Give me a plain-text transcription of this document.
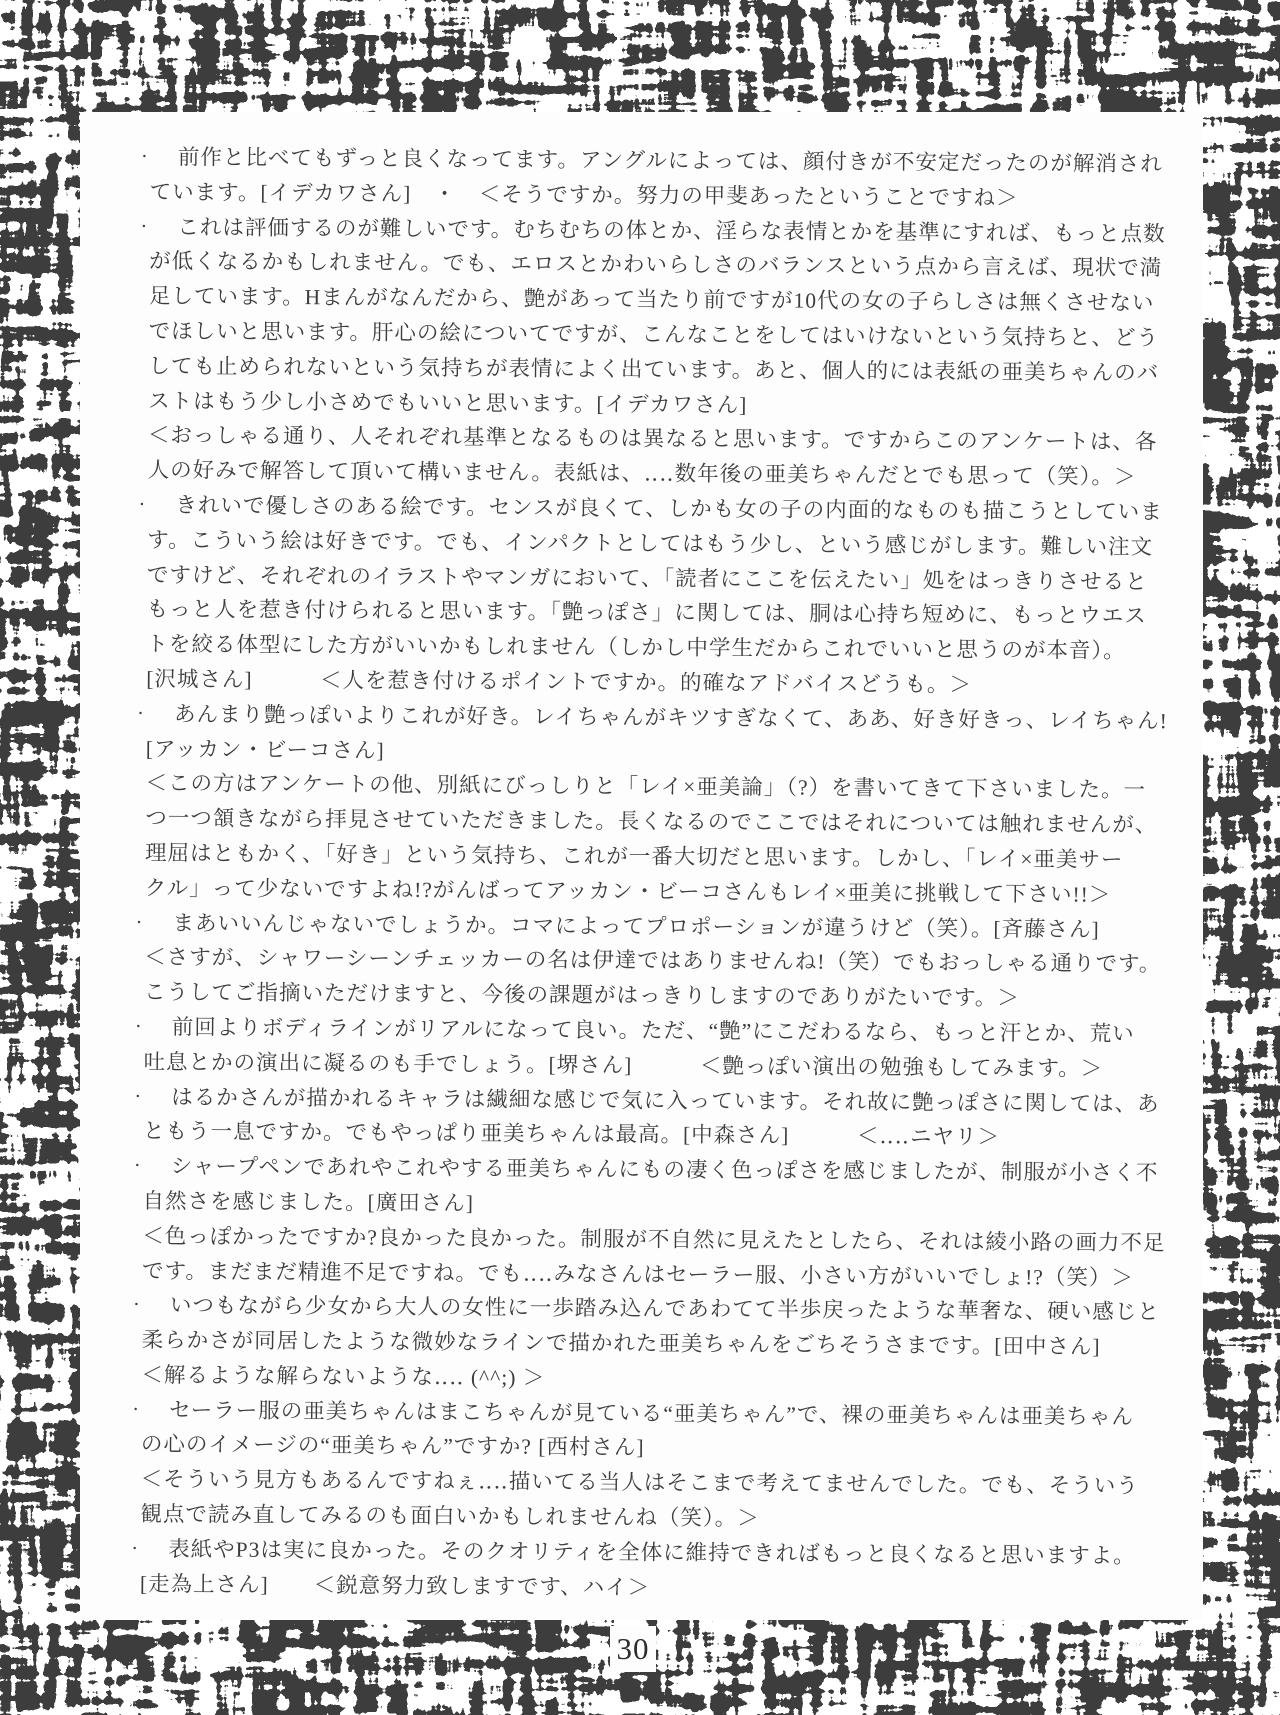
・ 前作と比べてもずっと良くなってます。アングルによっては、顔付きが不安定だったのが解消され
ています。[イデカワさん]　・　＜そうですか。努力の甲斐あったということですね＞
・ これは評価するのが難しいです。むちむちの体とか、淫らな表情とかを基準にすれば、もっと点数
が低くなるかもしれません。でも、エロスとかわいらしさのバランスという点から言えば、現状で満
足しています。Hまんがなんだから、艶があって当たり前ですが10代の女の子らしさは無くさせない
でほしいと思います。肝心の絵についてですが、こんなことをしてはいけないという気持ちと、どう
しても止められないという気持ちが表情によく出ています。あと、個人的には表紙の亜美ちゃんのバ
ストはもう少し小さめでもいいと思います。[イデカワさん]
＜おっしゃる通り、人それぞれ基準となるものは異なると思います。ですからこのアンケートは、各
人の好みで解答して頂いて構いません。表紙は、‥‥数年後の亜美ちゃんだとでも思って（笑）。＞
・ きれいで優しさのある絵です。センスが良くて、しかも女の子の内面的なものも描こうとしていま
す。こういう絵は好きです。でも、インパクトとしてはもう少し、という感じがします。難しい注文
ですけど、それぞれのイラストやマンガにおいて、「読者にここを伝えたい」処をはっきりさせると
もっと人を惹き付けられると思います。「艶っぽさ」に関しては、胴は心持ち短めに、もっとウエス
トを絞る体型にした方がいいかもしれません（しかし中学生だからこれでいいと思うのが本音）。
[沢城さん]　　　＜人を惹き付けるポイントですか。的確なアドバイスどうも。＞
・ あんまり艶っぽいよりこれが好き。レイちゃんがキツすぎなくて、ああ、好き好きっ、レイちゃん!
[アッカン・ビーコさん]
＜この方はアンケートの他、別紙にびっしりと「レイ×亜美論」（?）を書いてきて下さいました。一
つ一つ頷きながら拝見させていただきました。長くなるのでここではそれについては触れませんが、
理屈はともかく、「好き」という気持ち、これが一番大切だと思います。しかし、「レイ×亜美サー
クル」って少ないですよね!?がんばってアッカン・ビーコさんもレイ×亜美に挑戦して下さい!!＞
・ まあいいんじゃないでしょうか。コマによってプロポーションが違うけど（笑）。[斉藤さん]
＜さすが、シャワーシーンチェッカーの名は伊達ではありませんね!（笑）でもおっしゃる通りです。
こうしてご指摘いただけますと、今後の課題がはっきりしますのでありがたいです。＞
・ 前回よりボディラインがリアルになって良い。ただ、“艶”にこだわるなら、もっと汗とか、荒い
吐息とかの演出に凝るのも手でしょう。[堺さん]　　　＜艶っぽい演出の勉強もしてみます。＞
・ はるかさんが描かれるキャラは繊細な感じで気に入っています。それ故に艶っぽさに関しては、あ
ともう一息ですか。でもやっぱり亜美ちゃんは最高。[中森さん]　　　＜‥‥ニヤリ＞
・ シャープペンであれやこれやする亜美ちゃんにもの凄く色っぽさを感じましたが、制服が小さく不
自然さを感じました。[廣田さん]
＜色っぽかったですか?良かった良かった。制服が不自然に見えたとしたら、それは綾小路の画力不足
です。まだまだ精進不足ですね。でも‥‥みなさんはセーラー服、小さい方がいいでしょ!?（笑）＞
・ いつもながら少女から大人の女性に一歩踏み込んであわてて半歩戻ったような華奢な、硬い感じと
柔らかさが同居したような微妙なラインで描かれた亜美ちゃんをごちそうさまです。[田中さん]
＜解るような解らないような‥‥ (^^;) ＞
・ セーラー服の亜美ちゃんはまこちゃんが見ている“亜美ちゃん”で、裸の亜美ちゃんは亜美ちゃん
の心のイメージの“亜美ちゃん”ですか? [西村さん]
＜そういう見方もあるんですねぇ‥‥描いてる当人はそこまで考えてませんでした。でも、そういう
観点で読み直してみるのも面白いかもしれませんね（笑）。＞
・ 表紙やP3は実に良かった。そのクオリティを全体に維持できればもっと良くなると思いますよ。
[走為上さん]　　＜鋭意努力致しますです、ハイ＞
30
